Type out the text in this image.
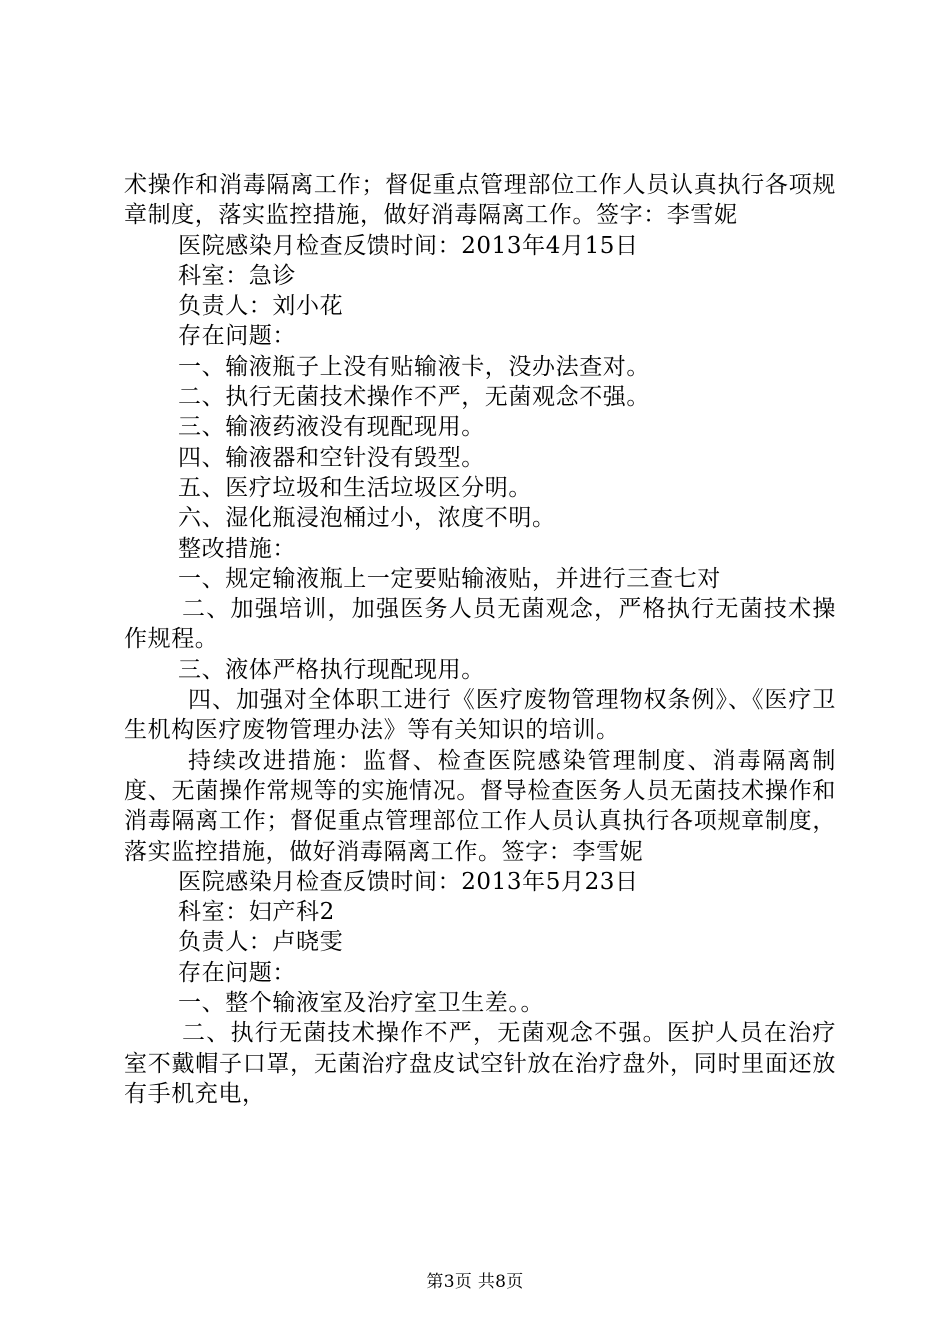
术操作和消毒隔离工作；督促重点管理部位工作人员认真执行各项规章制度，落实监控措施，做好消毒隔离工作。签字：李雪妮

医院感染月检查反馈时间：2013年4月15日

科室：急诊

负责人：刘小花

存在问题：

一、输液瓶子上没有贴输液卡，没办法查对。

二、执行无菌技术操作不严，无菌观念不强。

三、输液药液没有现配现用。

四、输液器和空针没有毁型。

五、医疗垃圾和生活垃圾区分明。

六、湿化瓶浸泡桶过小，浓度不明。

整改措施：

一、规定输液瓶上一定要贴输液贴，并进行三查七对

二、加强培训，加强医务人员无菌观念，严格执行无菌技术操作规程。

三、液体严格执行现配现用。

四、加强对全体职工进行《医疗废物管理物权条例》、《医疗卫生机构医疗废物管理办法》等有关知识的培训。

持续改进措施：监督、检查医院感染管理制度、消毒隔离制度、无菌操作常规等的实施情况。督导检查医务人员无菌技术操作和消毒隔离工作；督促重点管理部位工作人员认真执行各项规章制度，落实监控措施，做好消毒隔离工作。签字：李雪妮

医院感染月检查反馈时间：2013年5月23日

科室：妇产科2

负责人：卢晓雯

存在问题：

一、整个输液室及治疗室卫生差。。

二、执行无菌技术操作不严，无菌观念不强。医护人员在治疗室不戴帽子口罩，无菌治疗盘皮试空针放在治疗盘外，同时里面还放有手机充电，

第3页 共8页
